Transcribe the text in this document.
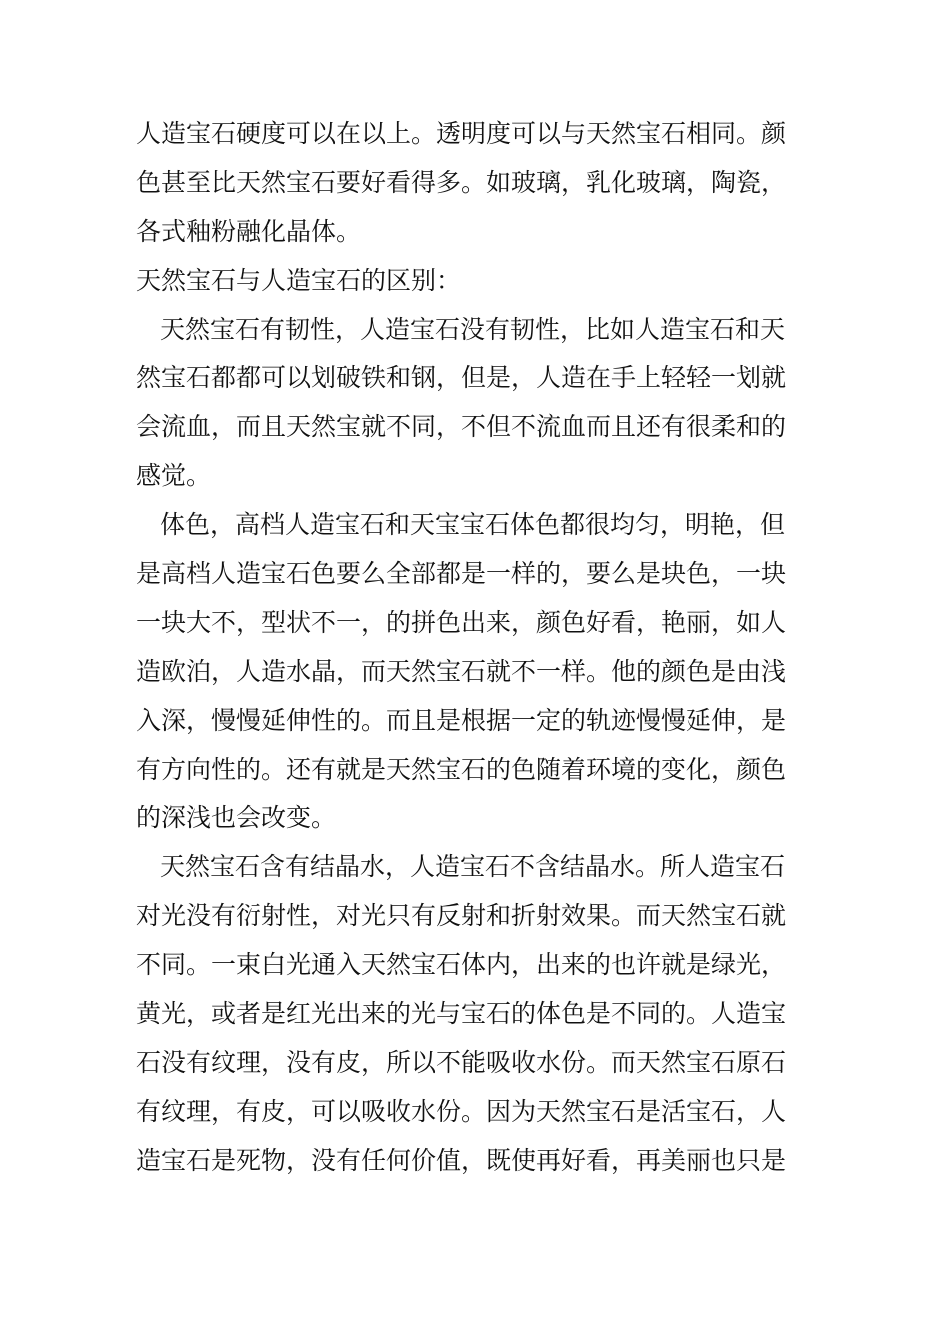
人造宝石硬度可以在以上。透明度可以与天然宝石相同。颜
色甚至比天然宝石要好看得多。如玻璃，乳化玻璃，陶瓷，
各式釉粉融化晶体。
天然宝石与人造宝石的区别：
天然宝石有韧性，人造宝石没有韧性，比如人造宝石和天
然宝石都都可以划破铁和钢，但是，人造在手上轻轻一划就
会流血，而且天然宝就不同，不但不流血而且还有很柔和的
感觉。
体色，高档人造宝石和天宝宝石体色都很均匀，明艳，但
是高档人造宝石色要么全部都是一样的，要么是块色，一块
一块大不，型状不一，的拼色出来，颜色好看，艳丽，如人
造欧泊，人造水晶，而天然宝石就不一样。他的颜色是由浅
入深，慢慢延伸性的。而且是根据一定的轨迹慢慢延伸，是
有方向性的。还有就是天然宝石的色随着环境的变化，颜色
的深浅也会改变。
天然宝石含有结晶水，人造宝石不含结晶水。所人造宝石
对光没有衍射性，对光只有反射和折射效果。而天然宝石就
不同。一束白光通入天然宝石体内，出来的也许就是绿光，
黄光，或者是红光出来的光与宝石的体色是不同的。人造宝
石没有纹理，没有皮，所以不能吸收水份。而天然宝石原石
有纹理，有皮，可以吸收水份。因为天然宝石是活宝石，人
造宝石是死物，没有任何价值，既使再好看，再美丽也只是
